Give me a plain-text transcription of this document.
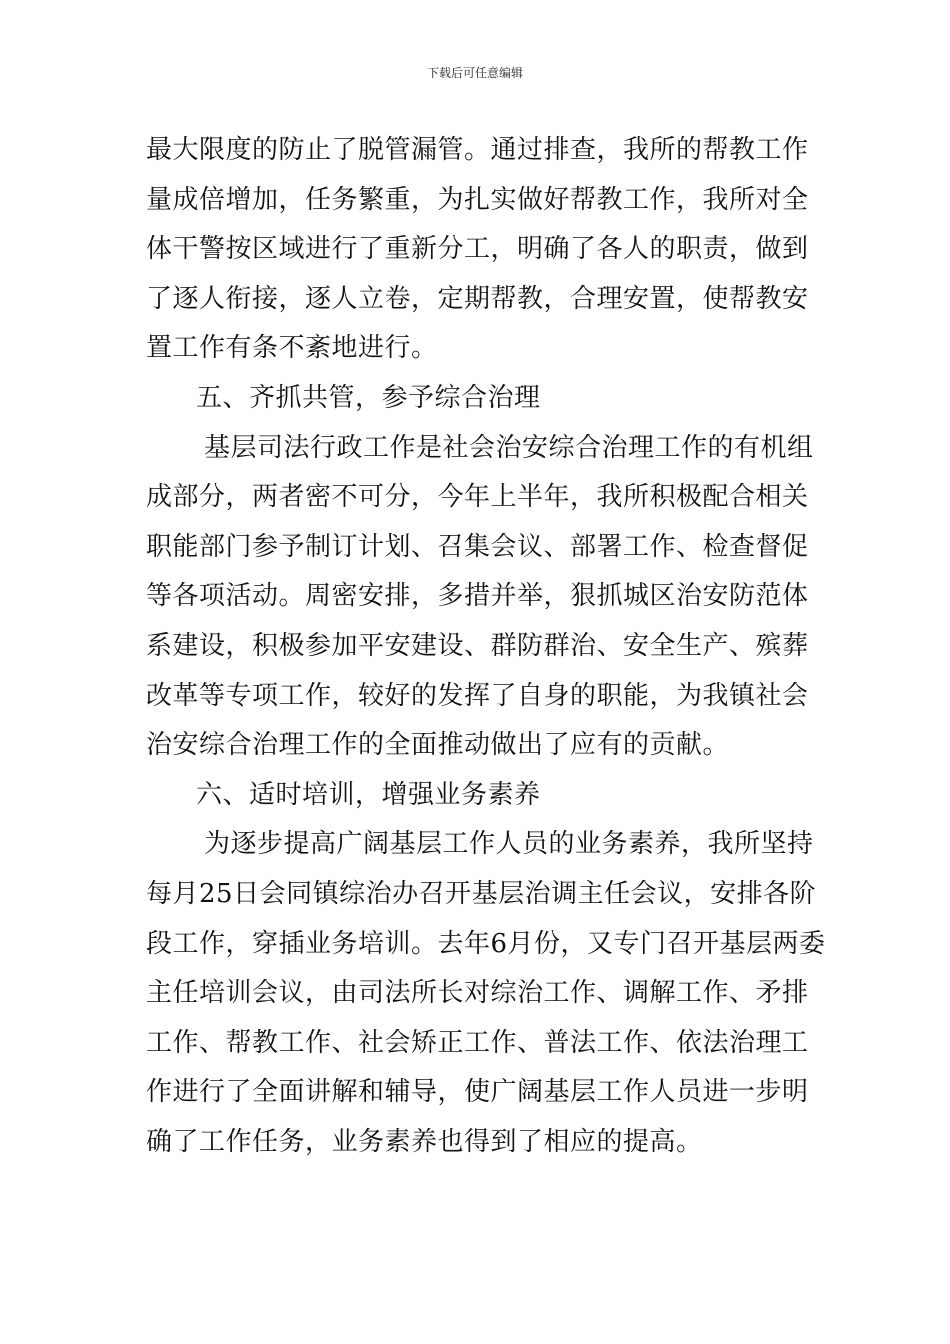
下载后可任意编辑
最大限度的防止了脱管漏管。通过排查，我所的帮教工作
量成倍增加，任务繁重，为扎实做好帮教工作，我所对全
体干警按区域进行了重新分工，明确了各人的职责，做到
了逐人衔接，逐人立卷，定期帮教，合理安置，使帮教安
置工作有条不紊地进行。
五、齐抓共管，参予综合治理
基层司法行政工作是社会治安综合治理工作的有机组
成部分，两者密不可分，今年上半年，我所积极配合相关
职能部门参予制订计划、召集会议、部署工作、检查督促
等各项活动。周密安排，多措并举，狠抓城区治安防范体
系建设，积极参加平安建设、群防群治、安全生产、殡葬
改革等专项工作，较好的发挥了自身的职能，为我镇社会
治安综合治理工作的全面推动做出了应有的贡献。
六、适时培训，增强业务素养
为逐步提高广阔基层工作人员的业务素养，我所坚持
每月25日会同镇综治办召开基层治调主任会议，安排各阶
段工作，穿插业务培训。去年6月份，又专门召开基层两委
主任培训会议，由司法所长对综治工作、调解工作、矛排
工作、帮教工作、社会矫正工作、普法工作、依法治理工
作进行了全面讲解和辅导，使广阔基层工作人员进一步明
确了工作任务，业务素养也得到了相应的提高。
